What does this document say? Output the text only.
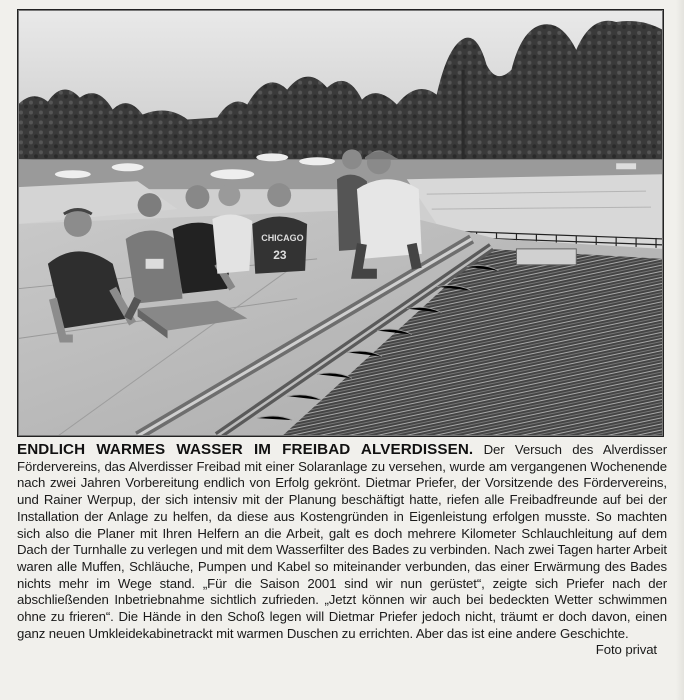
CHICAGO
23
ENDLICH WARMES WASSER IM FREIBAD ALVERDISSEN. Der Versuch des Alverdisser Fördervereins, das Alverdisser Freibad mit einer Solaranlage zu versehen, wurde am vergangenen Wochenende nach zwei Jahren Vorbereitung endlich von Erfolg gekrönt. Dietmar Priefer, der Vorsitzende des Fördervereins, und Rainer Werpup, der sich intensiv mit der Planung beschäftigt hatte, riefen alle Freibadfreunde auf bei der Installation der Anlage zu helfen, da diese aus Kostengründen in Eigenleistung erfolgen musste. So machten sich also die Planer mit Ihren Helfern an die Arbeit, galt es doch mehrere Kilometer Schlauchleitung auf dem Dach der Turnhalle zu verlegen und mit dem Wasserfilter des Bades zu verbinden. Nach zwei Tagen harter Arbeit waren alle Muffen, Schläuche, Pumpen und Kabel so miteinander verbunden, das einer Erwärmung des Bades nichts mehr im Wege stand. „Für die Saison 2001 sind wir nun gerüstet“, zeigte sich Priefer nach der abschließenden Inbetriebnahme sichtlich zufrieden. „Jetzt können wir auch bei bedeckten Wetter schwimmen ohne zu frieren“. Die Hände in den Schoß legen will Dietmar Priefer jedoch nicht, träumt er doch davon, einen ganz neuen Umkleidekabinetrackt mit warmen Duschen zu errichten. Aber das ist eine andere Geschichte.
Foto privat
